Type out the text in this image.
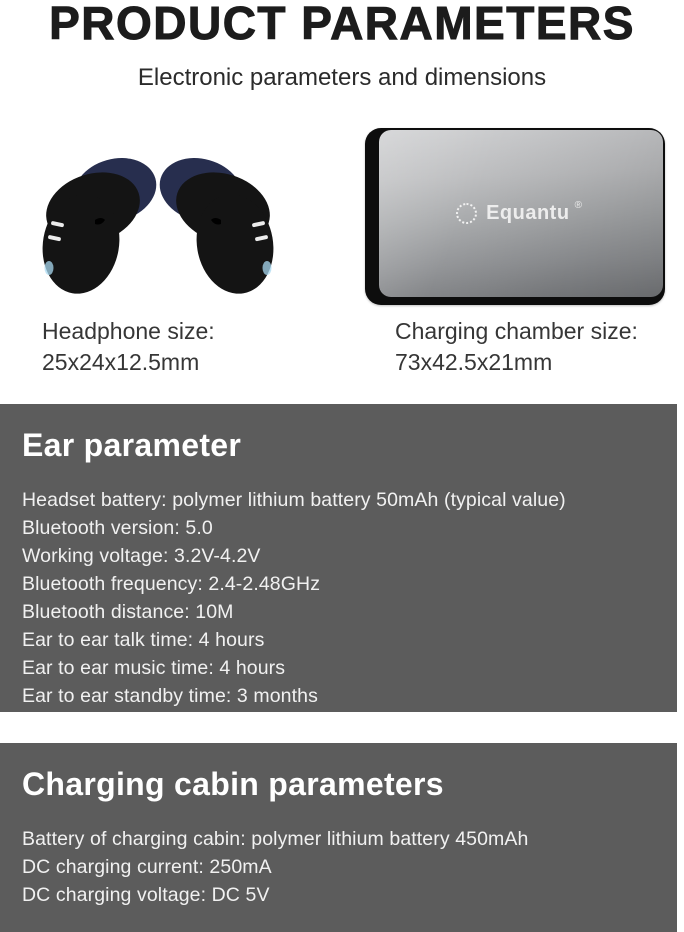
PRODUCT PARAMETERS
Electronic parameters and dimensions
Headphone size:
25x24x12.5mm
Equantu ®
Charging chamber size:
73x42.5x21mm
Ear parameter
Headset battery: polymer lithium battery 50mAh (typical value)
Bluetooth version: 5.0
Working voltage: 3.2V-4.2V
Bluetooth frequency: 2.4-2.48GHz
Bluetooth distance: 10M
Ear to ear talk time: 4 hours
Ear to ear music time: 4 hours
Ear to ear standby time: 3 months
Charging cabin parameters
Battery of charging cabin: polymer lithium battery 450mAh
DC charging current: 250mA
DC charging voltage: DC 5V
